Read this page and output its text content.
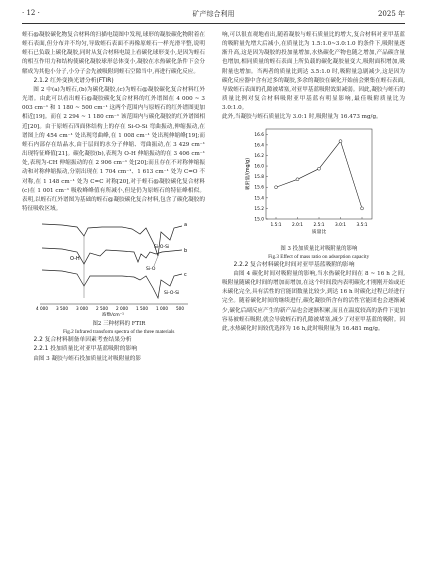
· 12 ·	矿产综合利用	2025 年

蛭石@凝胶碳化物复合材料的扫描电镜图中发现,球形的凝胶碳化物附着在蛭石表面,但分布并不均匀,导致蛭石表面不再像原蛭石一样光滑平整,说明蛭石已负载上碳化凝胶,同时从复合材料电镜上看碳化球形变小,是因为蛭石的相互作用力和结构使碳化凝胶球形总体变小,凝胶在水热碳化条件下会分解成为其他小分子,小分子会先被吸附到蛭石空隙当中,再进行碳化反应。

2.1.2 红外变换光谱分析(FTIR)

图 2 中(a)为蛭石,(b)为碳化凝胶,(c)为蛭石@凝胶碳化复合材料红外光谱。由此可以看出蛭石@凝胶碳化复合材料的红外谱图在 4 000 ~ 3 003 cm⁻¹ 和 1 180 ~ 500 cm⁻¹ 这两个范围内与原蛭石的红外谱图更加相近[19]。而在 2 294 ~ 1 180 cm⁻¹ 该范围内与碳化凝胶的红外谱图相近[20]。由于原蛭石四面体结构上的存在 Si-O-Si 弯曲振动,伸缩振动,在谱图上的 454 cm⁻¹ 处出现弯曲峰,在 1 008 cm⁻¹ 处出现伸缩峰[19];而蛭石内部存在结晶水,由于层间的水分子伸缩、弯曲振动,在 3 429 cm⁻¹ 出现特征峰值[21]。碳化凝胶(b),表现为 O-H 伸缩振动的在 3 406 cm⁻¹ 处,表现为-CH 伸缩振动的在 2 906 cm⁻¹ 处[20];而且存在不对称伸缩振动和对称伸缩振动,分别出现在 1 704 cm⁻¹、1 613 cm⁻¹ 处为 C=O 不对称,在 1 148 cm⁻¹ 处为 C=C 对称[20],对于蛭石@凝胶碳化复合材料(c)在 1 001 cm⁻¹ 吸收峰峰值有所减小,但是仍为原蛭石的特征峰相似。表明,以蛭石红外谱图为基础的蛭石@凝胶碳化复合材料,包含了碳化凝胶的特征吸收区域。

a
b
c
O-H
Si-O
Si-O-Si
Si-O-Si
4 000 3 500 3 000 2 500 2 000 1 500 1 000 500
波数/cm⁻¹

图2 三种材料的 FTIR

Fig.2 Infrared transform spectra of the three materials

2.2 复合材料制备单因素考查结果分析

2.2.1 投加质量比对亚甲基蓝吸附的影响

由图 3 凝胶与蛭石投加质量比对吸附量的影

响,可以很直观地看出,随着凝胶与蛭石质量比的增大,复合材料对亚甲基蓝的吸附量先增大后减小,在质量比为 1.5:1.0~3.0:1.0 的条件下,吸附量逐渐升高,这是因为凝胶的投加量增加,水热碳化产物也随之增加,产品碳含量也增加,相同质量的蛭石表面上所负载的碳化凝胶量变大,吸附面积增加,吸附量也增加。当两者的质量比到达 3.5:1.0 时,吸附量急剧减少,这是因为碳化反应器中含有过多的凝胶,多余的凝胶在碳化开始前会聚集在蛭石表面,导致蛭石表面的孔隙被堵塞,对亚甲基蓝吸附效果减弱。因此,凝胶与蛭石的质量比例对复合材料吸附亚甲基蓝有明显影响,最佳吸附质量比为 3.0:1.0。

此外,当凝胶与蛭石质量比为 3.0:1 时,吸附量为 16.473 mg/g。

15.0
15.2
15.4
15.6
15.8
16.0
16.2
16.4
16.6
1.5:1 2.0:1 2.5:1 3.0:1 3.5:1
质量比
吸附量/(mg/g)

图 3 投加质量比对吸附量的影响

Fig.3 Effect of mass ratio on adsorption capacity

2.2.2 复合材料碳化时间对亚甲基蓝吸附的影响

由图 4 碳化时间对吸附量的影响,当水热碳化时间在 8 ~ 16 h 之间,吸附量随碳化时间的增加而增加,在这个时间段内表明碳化才刚刚开始或还未碳化完全,具有活性的官能团数量比较少,到达 16 h 时碳化过程已经进行完全。随着碳化时间的继续进行,碳化凝胶所含有的活性官能团也会逐渐减少,碳化后副反应产生的新产品也会逐渐积累,而且在温度较高的条件下更加容易被蛭石吸附,就会导致蛭石的孔隙被堵塞,减少了对亚甲基蓝的吸附。因此,水热碳化时间较优选择为 16 h,此时吸附量为 16.481 mg/g。
